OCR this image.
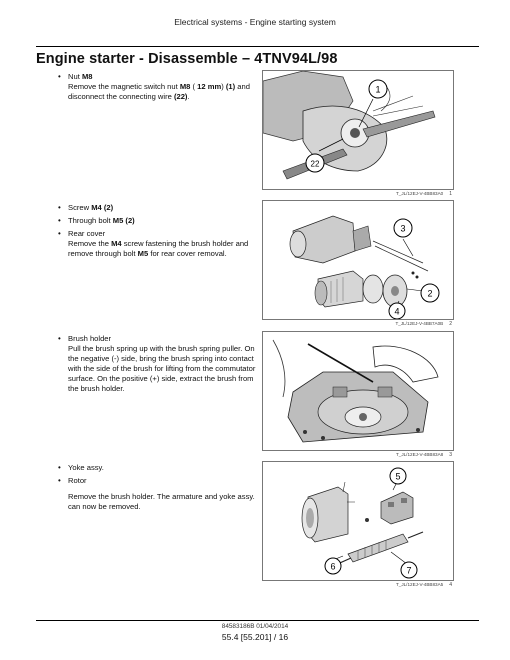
Electrical systems - Engine starting system
Engine starter - Disassemble – 4TNV94L/98
• Nut M8
Remove the magnetic switch nut M8 ( 12 mm) (1) and disconnect the connecting wire (22).
1
22
T_JL/12EJ-V-4BB83A0 1
• Screw M4 (2)
• Through bolt M5 (2)
• Rear cover
Remove the M4 screw fastening the brush holder and remove through bolt M5 for rear cover removal.
3
2
4
T_JL/12EJ-V-4BB7A0B 2
• Brush holder
Pull the brush spring up with the brush spring puller. On the negative (-) side, bring the brush spring into contact with the side of the brush for lifting from the commutator surface. On the positive (+) side, extract the brush from the brush holder.
T_JL/12EJ-V-4BB83A8 3
• Yoke assy.
• Rotor
Remove the brush holder. The armature and yoke assy. can now be removed.
5
6	7
T_JL/12EJ-V-4BB83A5 4
84583186B 01/04/2014
55.4 [55.201] / 16
